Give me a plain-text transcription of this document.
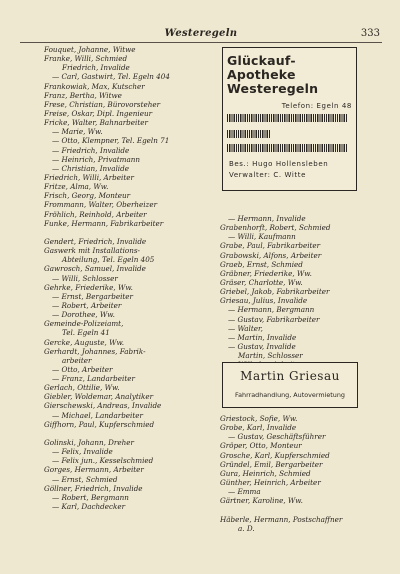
Westeregeln	333
Fouquet, Johanne, Witwe
Franke, Willi, Schmied
Friedrich, Invalide
— Carl, Gastwirt, Tel. Egeln 404
Frankowiak, Max, Kutscher
Franz, Bertha, Witwe
Frese, Christian, Bürovorsteher
Freise, Oskar, Dipl. Ingenieur
Fricke, Walter, Bahnarbeiter
— Marie, Ww.
— Otto, Klempner, Tel. Egeln 71
— Friedrich, Invalide
— Heinrich, Privatmann
— Christian, Invalide
Friedrich, Willi, Arbeiter
Fritze, Alma, Ww.
Frisch, Georg, Monteur
Frommann, Walter, Oberheizer
Fröhlich, Reinhold, Arbeiter
Funke, Hermann, Fabrikarbeiter
Gendert, Friedrich, Invalide
Gaswerk mit Installations-
Abteilung, Tel. Egeln 405
Gawrosch, Samuel, Invalide
— Willi, Schlosser
Gehrke, Friederike, Ww.
— Ernst, Bergarbeiter
— Robert, Arbeiter
— Dorothee, Ww.
Gemeinde-Polizeiamt,
Tel. Egeln 41
Gercke, Auguste, Ww.
Gerhardt, Johannes, Fabrik-
arbeiter
— Otto, Arbeiter
— Franz, Landarbeiter
Gerlach, Ottilie, Ww.
Giebler, Woldemar, Analytiker
Gierschewski, Andreas, Invalide
— Michael, Landarbeiter
Giffhorn, Paul, Kupferschmied
Golinski, Johann, Dreher
— Felix, Invalide
— Felix jun., Kesselschmied
Gorges, Hermann, Arbeiter
— Ernst, Schmied
Göllner, Friedrich, Invalide
— Robert, Bergmann
— Karl, Dachdecker
Glückauf-
Apotheke
Westeregeln
Telefon: Egeln 48
Bes.: Hugo Hollensleben
Verwalter: C. Witte
— Hermann, Invalide
Grabenhorft, Robert, Schmied
— Willi, Kaufmann
Grabe, Paul, Fabrikarbeiter
Grabowski, Alfons, Arbeiter
Graeb, Ernst, Schmied
Gräbner, Friederike, Ww.
Gräser, Charlotte, Ww.
Griebel, Jakob, Fabrikarbeiter
Griesau, Julius, Invalide
— Hermann, Bergmann
— Gustav, Fabrikarbeiter
— Walter,
— Martin, Invalide
— Gustav, Invalide
Martin, Schlosser
Martin Griesau
Fahrradhandlung, Autovermietung
Griestock, Sofie, Ww.
Grobe, Karl, Invalide
— Gustav, Geschäftsführer
Gröper, Otto, Monteur
Grosche, Karl, Kupferschmied
Gründel, Emil, Bergarbeiter
Gura, Heinrich, Schmied
Günther, Heinrich, Arbeiter
— Emma
Gärtner, Karoline, Ww.
Häberle, Hermann, Postschaffner
a. D.
